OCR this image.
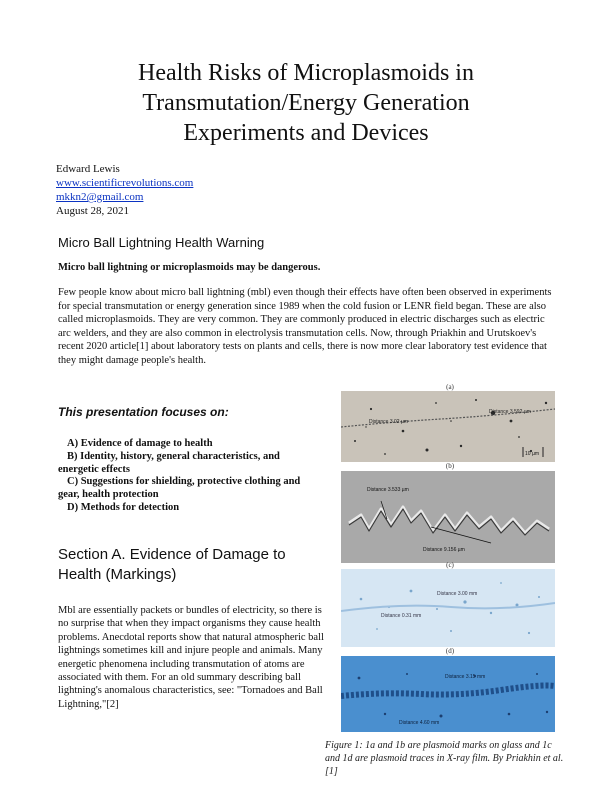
Health Risks of Microplasmoids in
Transmutation/Energy Generation
Experiments and Devices
Edward Lewis
www.scientificrevolutions.com
mkkn2@gmail.com
August 28, 2021
Micro Ball Lightning Health Warning
Micro ball lightning or microplasmoids may be dangerous.
Few people know about micro ball lightning (mbl) even though their effects have often been observed in experiments for special transmutation or energy generation since 1989 when the cold fusion or LENR field began. These are also called microplasmoids. They are very common. They are commonly produced in electric discharges such as electric arc welders, and they are also common in electrolysis transmutation cells. Now, through Priakhin and Urutskoev's recent 2020 article[1] about laboratory tests on plants and cells, there is now more clear laboratory test evidence that they might damage people's health.
This presentation focuses on:
A) Evidence of damage to health
B) Identity, history, general characteristics, and energetic effects
C) Suggestions for shielding, protective clothing and gear, health protection
D) Methods for detection
Section A. Evidence of Damage to Health (Markings)
Mbl are essentially packets or bundles of electricity, so there is no surprise that when they impact organisms they cause health problems. Anecdotal reports show that natural atmospheric ball lightnings sometimes kill and injure people and animals. Many energetic phenomena including transmutation of atoms are associated with them. For an old summary describing ball lightning's anomalous characteristics, see: "Tornadoes and Ball Lightning,"[2]
(a)
Distance 3.592 µm
Distance 3.02 µm
10 µm
(b)
Distance 3.533 µm
Distance 9.156 µm
(c)
Distance 3.00 mm
Distance 0.31 mm
(d)
Distance 3.15 mm
Distance 4.60 mm
Figure 1: 1a and 1b are plasmoid marks on glass and 1c and 1d are plasmoid traces in X-ray film. By Priakhin et al.[1]
